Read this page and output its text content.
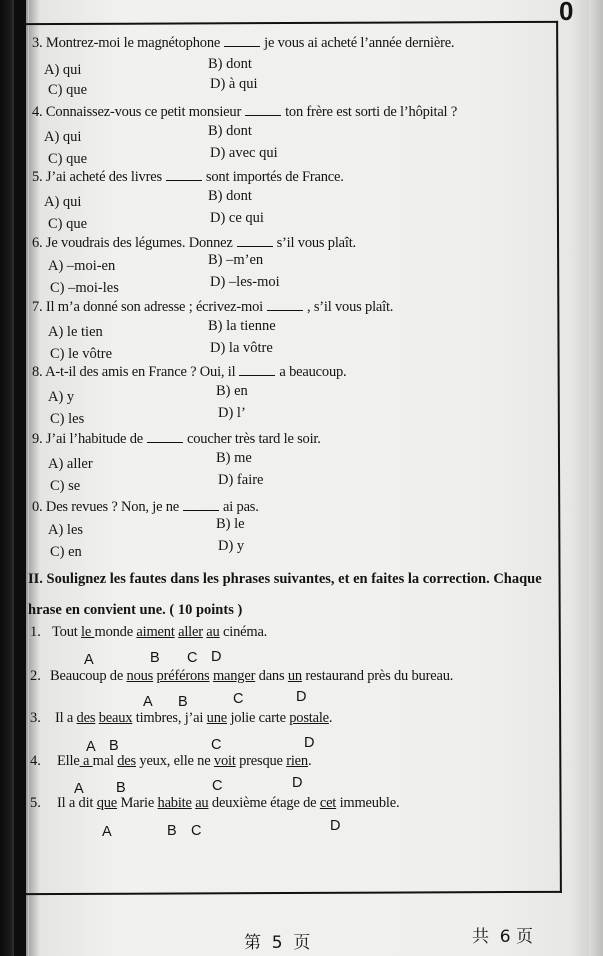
0
3. Montrez-moi le magnétophone	je vous ai acheté l’année dernière.
A) qui	B) dont
C) que	D) à qui
4. Connaissez-vous ce petit monsieur	ton frère est sorti de l’hôpital ?
A) qui	B) dont
C) que	D) avec qui
5. J’ai acheté des livres	sont importés de France.
A) qui	B) dont
C) que	D) ce qui
6. Je voudrais des légumes. Donnez	s’il vous plaît.
A) –moi-en	B) –m’en
C) –moi-les	D) –les-moi
7. Il m’a donné son adresse ; écrivez-moi	, s’il vous plaît.
A) le tien	B) la tienne
C) le vôtre	D) la vôtre
8. A-t-il des amis en France ? Oui, il	a beaucoup.
A) y	B) en
C) les	D) l’
9. J’ai l’habitude de	coucher très tard le soir.
A) aller	B) me
C) se	D) faire
0. Des revues ? Non, je ne	ai pas.
A) les	B) le
C) en	D) y
II. Soulignez les fautes dans les phrases suivantes, et en faites la correction. Chaque
hrase en convient une. ( 10 points )
1. Tout le monde aiment aller au cinéma.
A	B C D
2. Beaucoup de nous préférons manger dans un restaurand près du bureau.
A B	C	D
3. Il a des beaux timbres, j’ai une jolie carte postale.
A B	C	D
4. Elle a mal des yeux, elle ne voit presque rien.
A B	C	D
5. Il a dit que Marie habite au deuxième étage de cet immeuble.
A	B C	D
第  5  页	共  6 页
